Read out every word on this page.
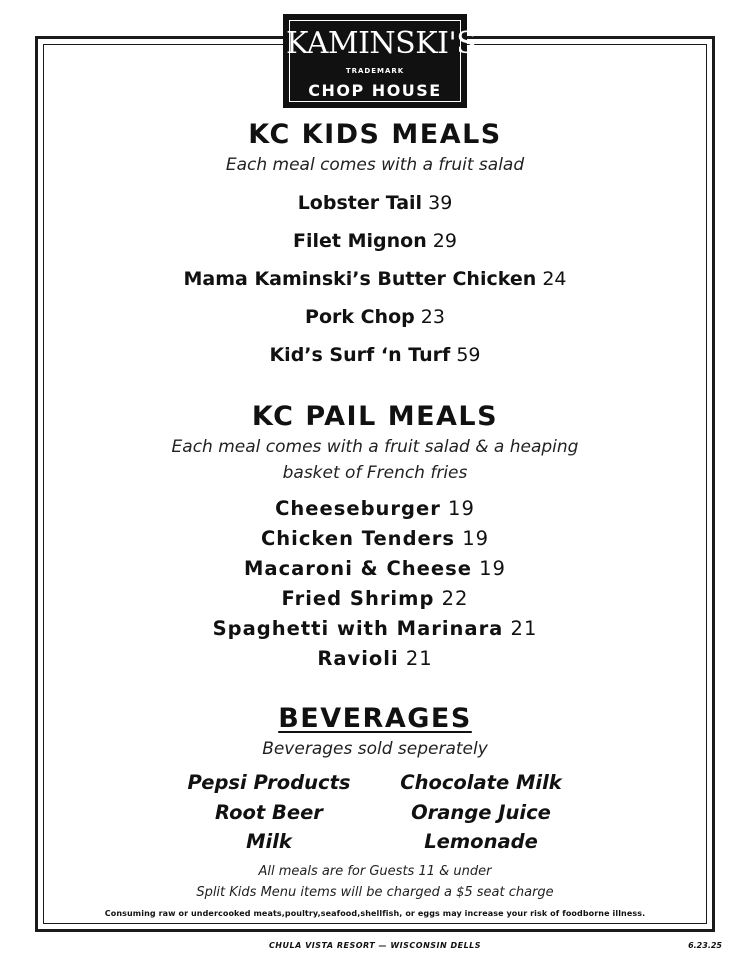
KAMINSKI'S
TRADEMARK
CHOP HOUSE
KC KIDS MEALS

Each meal comes with a fruit salad

Lobster Tail 39
Filet Mignon 29
Mama Kaminski’s Butter Chicken 24
Pork Chop 23
Kid’s Surf ‘n Turf 59
KC PAIL MEALS

Each meal comes with a fruit salad & a heaping

basket of French fries

Cheeseburger 19
Chicken Tenders 19
Macaroni & Cheese 19
Fried Shrimp 22
Spaghetti with Marinara 21
Ravioli 21
BEVERAGES

Beverages sold seperately

Pepsi Products	Chocolate Milk
Root Beer	Orange Juice
Milk	Lemonade
All meals are for Guests 11 & under
Split Kids Menu items will be charged a $5 seat charge
Consuming raw or undercooked meats,poultry,seafood,shellfish, or eggs may increase your risk of foodborne illness.
CHULA VISTA RESORT — WISCONSIN DELLS	6.23.25
